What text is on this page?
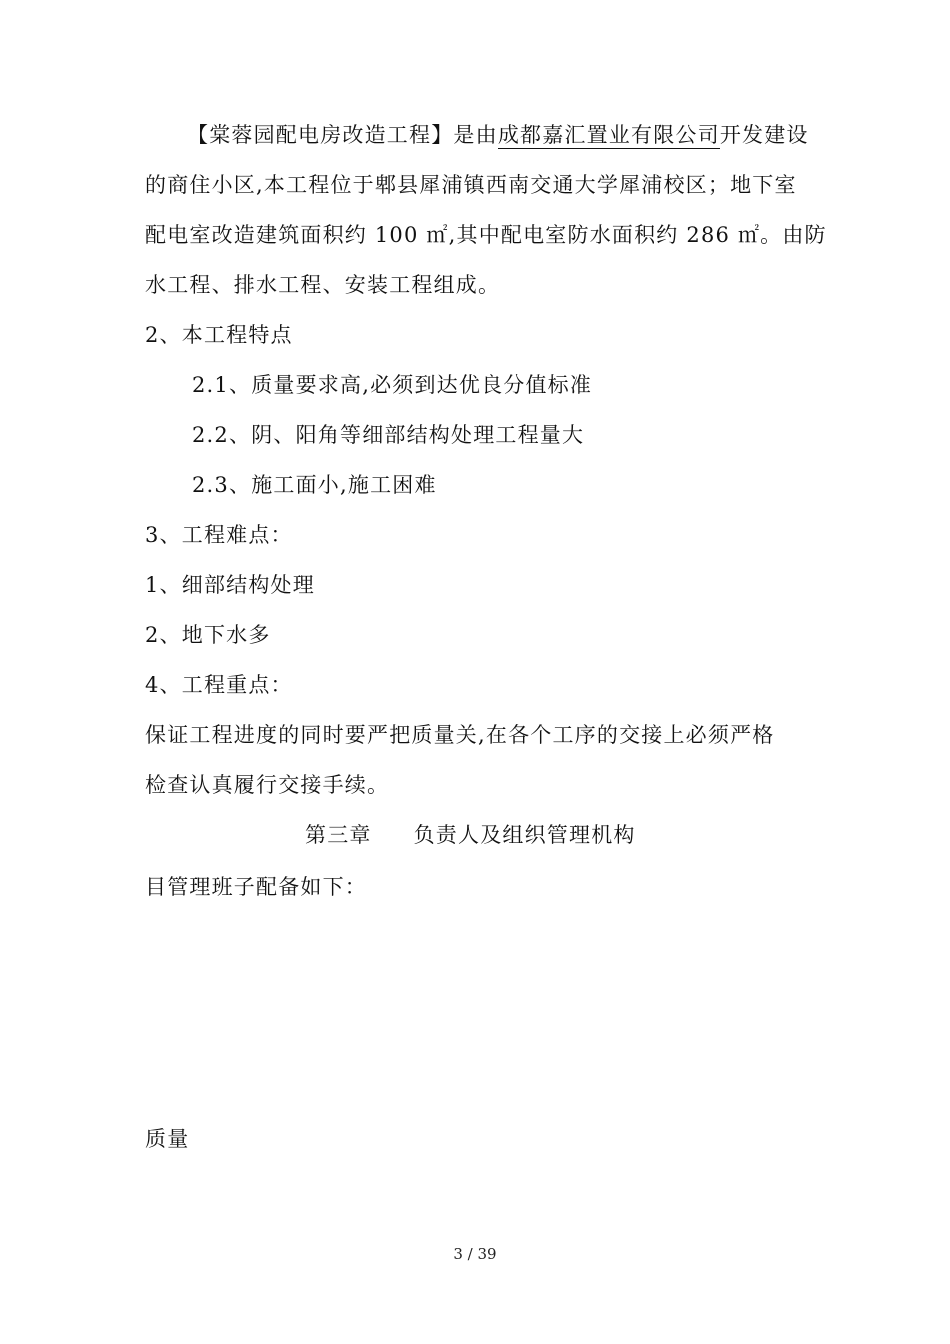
【棠蓉园配电房改造工程】是由成都嘉汇置业有限公司开发建设
的商住小区,本工程位于郫县犀浦镇西南交通大学犀浦校区；地下室
配电室改造建筑面积约 100 ㎡,其中配电室防水面积约 286 ㎡。由防
水工程、排水工程、安装工程组成。
2、本工程特点
2.1、质量要求高,必须到达优良分值标准
2.2、阴、阳角等细部结构处理工程量大
2.3、施工面小,施工困难
3、工程难点：
1、细部结构处理
2、地下水多
4、工程重点：
保证工程进度的同时要严把质量关,在各个工序的交接上必须严格
检查认真履行交接手续。
第三章 负责人及组织管理机构
目管理班子配备如下：
质量
3 / 39
